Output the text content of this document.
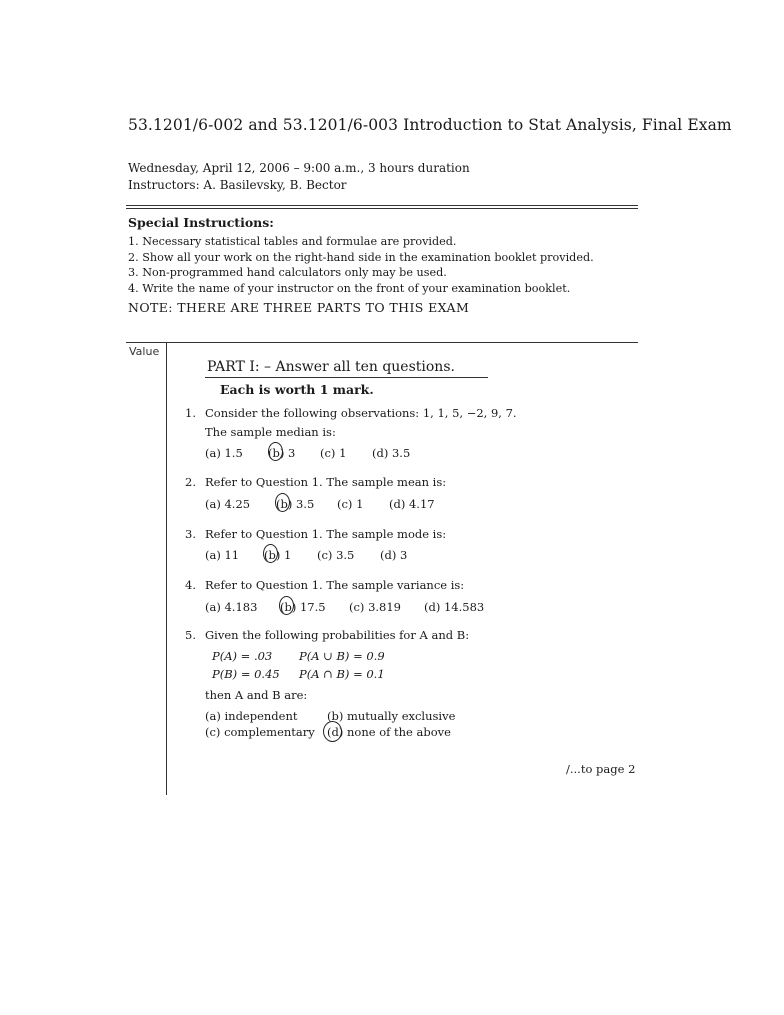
53.1201/6-002 and 53.1201/6-003 Introduction to Stat Analysis, Final Exam
Wednesday, April 12, 2006 – 9:00 a.m., 3 hours duration
Instructors: A. Basilevsky, B. Bector
Special Instructions:
1. Necessary statistical tables and formulae are provided.
2. Show all your work on the right-hand side in the examination booklet provided.
3. Non-programmed hand calculators only may be used.
4. Write the name of your instructor on the front of your examination booklet.
NOTE: THERE ARE THREE PARTS TO THIS EXAM
Value
PART I: – Answer all ten questions.
Each is worth 1 mark.
1. Consider the following observations: 1, 1, 5, −2, 9, 7.
The sample median is:
(a) 1.5 (b) 3 (c) 1 (d) 3.5
2. Refer to Question 1. The sample mean is:
(a) 4.25 (b) 3.5 (c) 1 (d) 4.17
3. Refer to Question 1. The sample mode is:
(a) 11 (b) 1 (c) 3.5 (d) 3
4. Refer to Question 1. The sample variance is:
(a) 4.183 (b) 17.5 (c) 3.819 (d) 14.583
5. Given the following probabilities for A and B:
P(A) = .03 P(A ∪ B) = 0.9
P(B) = 0.45 P(A ∩ B) = 0.1
then A and B are:
(a) independent	(b) mutually exclusive
(c) complementary (d) none of the above
/...to page 2
